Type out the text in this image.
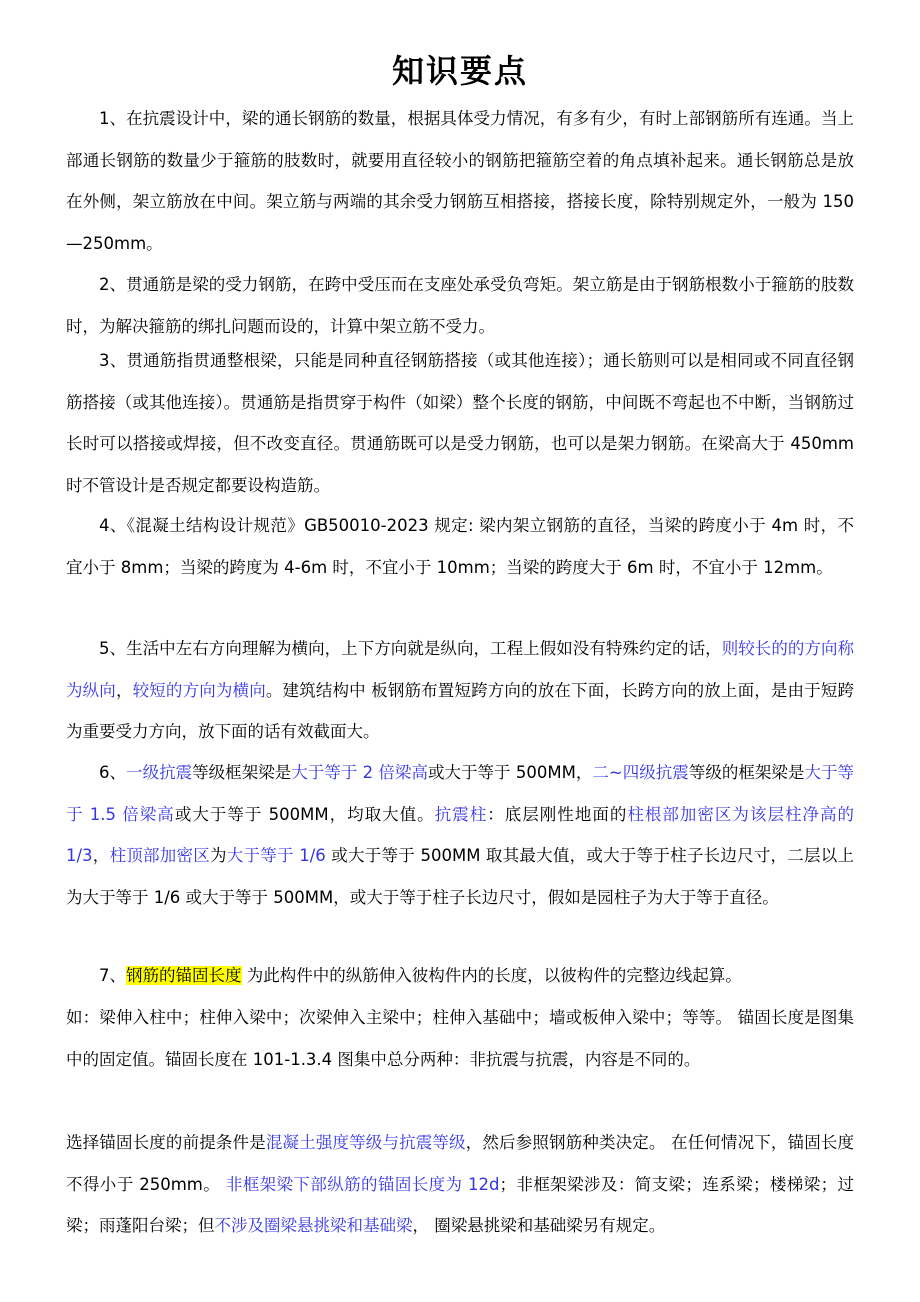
知识要点

1、在抗震设计中，梁的通长钢筋的数量，根据具体受力情况，有多有少，有时上部钢筋所有连通。当上部通长钢筋的数量少于箍筋的肢数时，就要用直径较小的钢筋把箍筋空着的角点填补起来。通长钢筋总是放在外侧，架立筋放在中间。架立筋与两端的其余受力钢筋互相搭接，搭接长度，除特别规定外，一般为 150—250mm。

2、贯通筋是梁的受力钢筋，在跨中受压而在支座处承受负弯矩。架立筋是由于钢筋根数小于箍筋的肢数时，为解决箍筋的绑扎问题而设的，计算中架立筋不受力。

3、贯通筋指贯通整根梁，只能是同种直径钢筋搭接（或其他连接）；通长筋则可以是相同或不同直径钢筋搭接（或其他连接）。贯通筋是指贯穿于构件（如梁）整个长度的钢筋，中间既不弯起也不中断，当钢筋过长时可以搭接或焊接，但不改变直径。贯通筋既可以是受力钢筋，也可以是架力钢筋。在梁高大于 450mm 时不管设计是否规定都要设构造筋。

4、《混凝土结构设计规范》GB50010-2023 规定: 梁内架立钢筋的直径，当梁的跨度小于 4m 时，不宜小于 8mm；当梁的跨度为 4-6m 时，不宜小于 10mm；当梁的跨度大于 6m 时，不宜小于 12mm。

5、生活中左右方向理解为横向，上下方向就是纵向，工程上假如没有特殊约定的话，则较长的的方向称为纵向，较短的方向为横向。建筑结构中 板钢筋布置短跨方向的放在下面，长跨方向的放上面，是由于短跨为重要受力方向，放下面的话有效截面大。

6、一级抗震等级框架梁是大于等于 2 倍梁高或大于等于 500MM，二~四级抗震等级的框架梁是大于等于 1.5 倍梁高或大于等于 500MM，均取大值。抗震柱：底层刚性地面的柱根部加密区为该层柱净高的 1/3，柱顶部加密区为大于等于 1/6 或大于等于 500MM 取其最大值，或大于等于柱子长边尺寸，二层以上为大于等于 1/6 或大于等于 500MM，或大于等于柱子长边尺寸，假如是园柱子为大于等于直径。

7、钢筋的锚固长度 为此构件中的纵筋伸入彼构件内的长度，以彼构件的完整边线起算。

如：梁伸入柱中；柱伸入梁中；次梁伸入主梁中；柱伸入基础中；墙或板伸入梁中；等等。 锚固长度是图集中的固定值。锚固长度在 101-1.3.4 图集中总分两种：非抗震与抗震，内容是不同的。

选择锚固长度的前提条件是混凝土强度等级与抗震等级，然后参照钢筋种类决定。 在任何情况下，锚固长度不得小于 250mm。 非框架梁下部纵筋的锚固长度为 12d；非框架梁涉及：简支梁；连系梁；楼梯梁；过梁；雨蓬阳台梁；但不涉及圈梁悬挑梁和基础梁， 圈梁悬挑梁和基础梁另有规定。
